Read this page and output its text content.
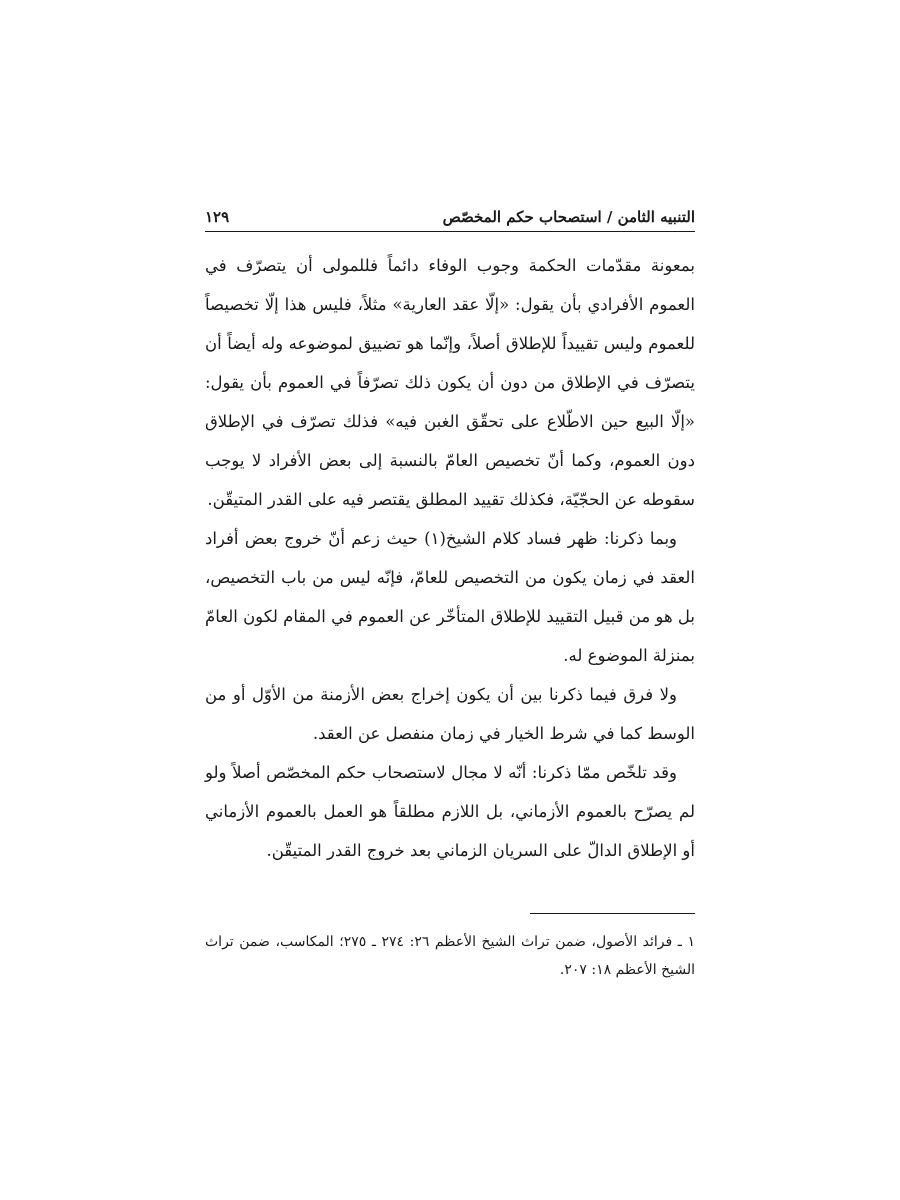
التنبيه الثامن / استصحاب حكم المخصّص
١٢٩

بمعونة مقدّمات الحكمة وجوب الوفاء دائماً فللمولى أن يتصرّف في العموم الأفرادي بأن يقول: «إلّا عقد العارية» مثلاً، فليس هذا إلّا تخصيصاً للعموم وليس تقييداً للإطلاق أصلاً، وإنّما هو تضييق لموضوعه وله أيضاً أن يتصرّف في الإطلاق من دون أن يكون ذلك تصرّفاً في العموم بأن يقول: «إلّا البيع حين الاطّلاع على تحقّق الغبن فيه» فذلك تصرّف في الإطلاق دون العموم، وكما أنّ تخصيص العامّ بالنسبة إلى بعض الأفراد لا يوجب سقوطه عن الحجّيّة، فكذلك تقييد المطلق يقتصر فيه على القدر المتيقّن.

وبما ذكرنا: ظهر فساد كلام الشيخ‏(١) حيث زعم أنّ خروج بعض أفراد العقد في زمان يكون من التخصيص للعامّ، فإنّه ليس من باب التخصيص، بل هو من قبيل التقييد للإطلاق المتأخّر عن العموم في المقام لكون العامّ بمنزلة الموضوع له.

ولا فرق فيما ذكرنا بين أن يكون إخراج بعض الأزمنة من الأوّل أو من الوسط كما في شرط الخيار في زمان منفصل عن العقد.

وقد تلخّص ممّا ذكرنا: أنّه لا مجال لاستصحاب حكم المخصّص أصلاً ولو لم يصرّح بالعموم الأزماني، بل اللازم مطلقاً هو العمل بالعموم الأزماني أو الإطلاق الدالّ على السريان الزماني بعد خروج القدر المتيقّن.

١ ـ فرائد الأصول، ضمن تراث الشيخ الأعظم ٢٦: ٢٧٤ ـ ٢٧٥؛ المكاسب، ضمن تراث الشيخ الأعظم ١٨: ٢٠٧.
